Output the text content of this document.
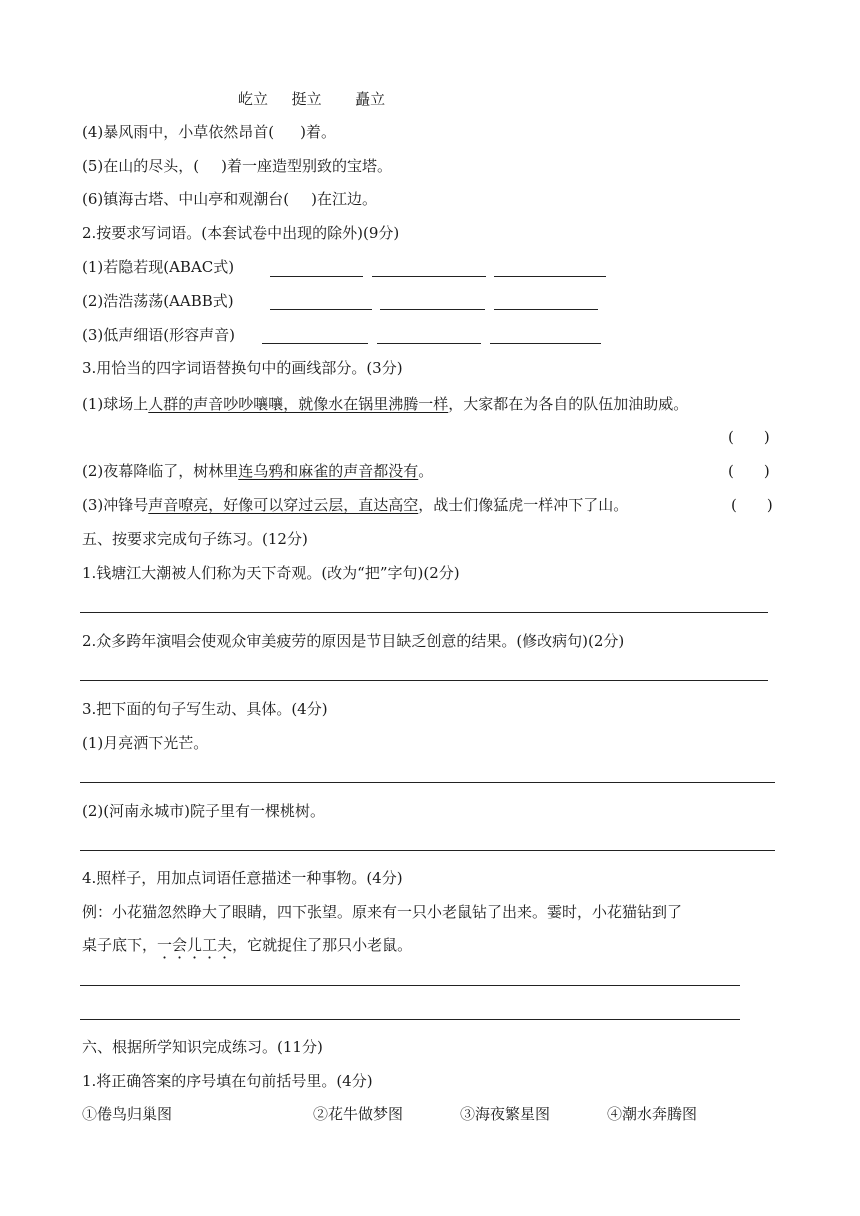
屹立 挺立 矗立
(4)暴风雨中，小草依然昂首( )着。
(5)在山的尽头，( )着一座造型别致的宝塔。
(6)镇海古塔、中山亭和观潮台( )在江边。
2.按要求写词语。(本套试卷中出现的除外)(9分)
(1)若隐若现(ABAC式)
(2)浩浩荡荡(AABB式)
(3)低声细语(形容声音)
3.用恰当的四字词语替换句中的画线部分。(3分)
(1)球场上人群的声音吵吵嚷嚷，就像水在锅里沸腾一样，大家都在为各自的队伍加油助威。
(　　)
(2)夜幕降临了，树林里连乌鸦和麻雀的声音都没有。	(　　)
(3)冲锋号声音嘹亮，好像可以穿过云层，直达高空，战士们像猛虎一样冲下了山。	(　　)
五、按要求完成句子练习。(12分)
1.钱塘江大潮被人们称为天下奇观。(改为“把”字句)(2分)
2.众多跨年演唱会使观众审美疲劳的原因是节目缺乏创意的结果。(修改病句)(2分)
3.把下面的句子写生动、具体。(4分)
(1)月亮洒下光芒。
(2)(河南永城市)院子里有一棵桃树。
4.照样子，用加点词语任意描述一种事物。(4分)
例：小花猫忽然睁大了眼睛，四下张望。原来有一只小老鼠钻了出来。霎时，小花猫钻到了
桌子底下，一会儿工夫，它就捉住了那只小老鼠。
六、根据所学知识完成练习。(11分)
1.将正确答案的序号填在句前括号里。(4分)
①倦鸟归巢图	②花牛做梦图	③海夜繁星图	④潮水奔腾图
